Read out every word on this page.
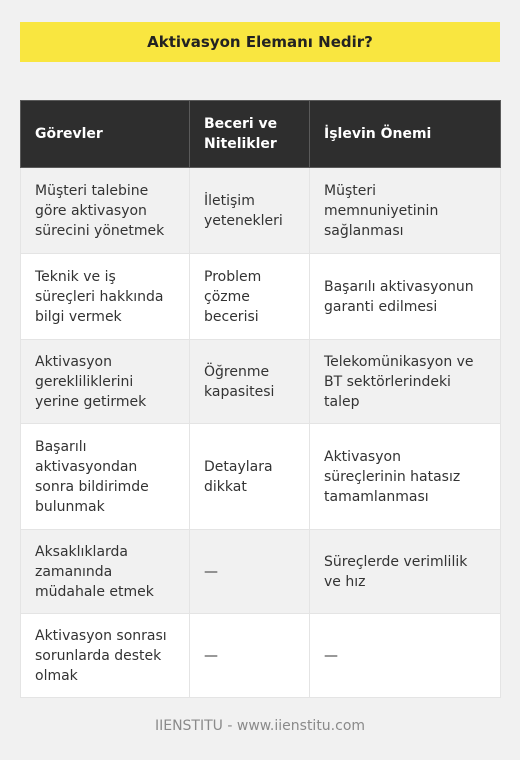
Aktivasyon Elemanı Nedir?
Görevler	Beceri ve Nitelikler	İşlevin Önemi
Müşteri talebine göre aktivasyon sürecini yönetmek	İletişim yetenekleri	Müşteri memnuniyetinin sağlanması
Teknik ve iş süreçleri hakkında bilgi vermek	Problem çözme becerisi	Başarılı aktivasyonun garanti edilmesi
Aktivasyon gerekliliklerini yerine getirmek	Öğrenme kapasitesi	Telekomünikasyon ve BT sektörlerindeki talep
Başarılı aktivasyondan sonra bildirimde bulunmak	Detaylara dikkat	Aktivasyon süreçlerinin hatasız tamamlanması
Aksaklıklarda zamanında müdahale etmek	—	Süreçlerde verimlilik ve hız
Aktivasyon sonrası sorunlarda destek olmak	—	—
IIENSTITU - www.iienstitu.com
